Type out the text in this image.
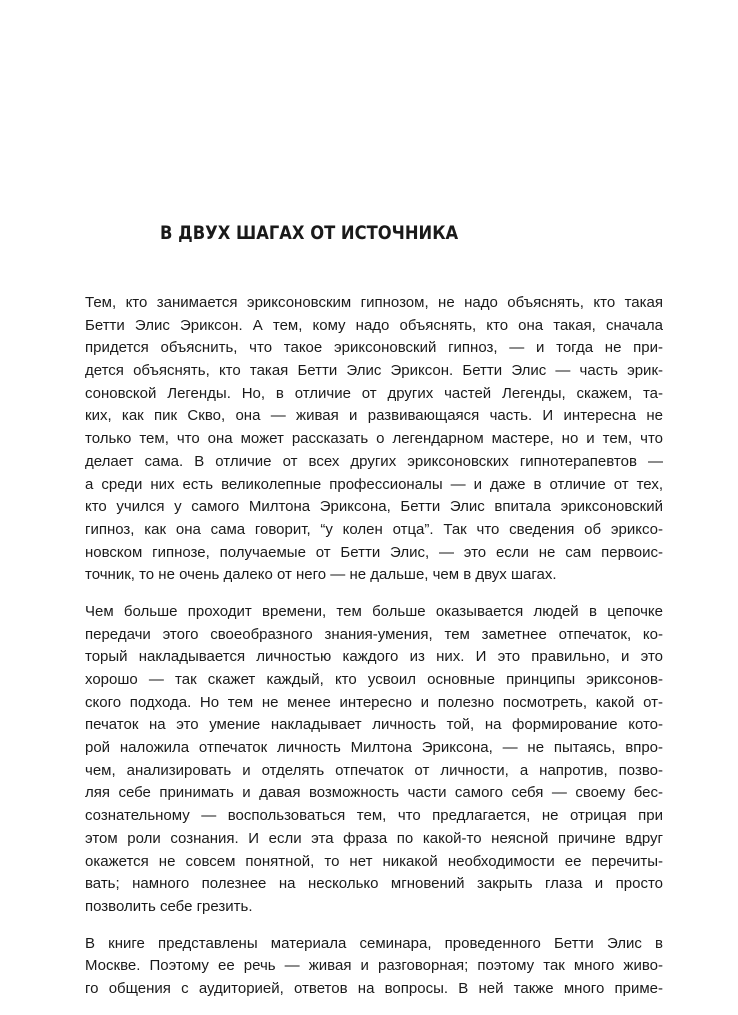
В ДВУХ ШАГАХ ОТ ИСТОЧНИКА

Тем, кто занимается эриксоновским гипнозом, не надо объяснять, кто такая
Бетти Элис Эриксон. А тем, кому надо объяснять, кто она такая, сначала
придется объяснить, что такое эриксоновский гипноз, — и тогда не при-
дется объяснять, кто такая Бетти Элис Эриксон. Бетти Элис — часть эрик-
соновской Легенды. Но, в отличие от других частей Легенды, скажем, та-
ких, как пик Скво, она — живая и развивающаяся часть. И интересна не
только тем, что она может рассказать о легендарном мастере, но и тем, что
делает сама. В отличие от всех других эриксоновских гипнотерапевтов —
а среди них есть великолепные профессионалы — и даже в отличие от тех,
кто учился у самого Милтона Эриксона, Бетти Элис впитала эриксоновский
гипноз, как она сама говорит, “у колен отца”. Так что сведения об эриксо-
новском гипнозе, получаемые от Бетти Элис, — это если не сам первоис-
точник, то не очень далеко от него — не дальше, чем в двух шагах.

Чем больше проходит времени, тем больше оказывается людей в цепочке
передачи этого своеобразного знания-умения, тем заметнее отпечаток, ко-
торый накладывается личностью каждого из них. И это правильно, и это
хорошо — так скажет каждый, кто усвоил основные принципы эриксонов-
ского подхода. Но тем не менее интересно и полезно посмотреть, какой от-
печаток на это умение накладывает личность той, на формирование кото-
рой наложила отпечаток личность Милтона Эриксона, — не пытаясь, впро-
чем, анализировать и отделять отпечаток от личности, а напротив, позво-
ляя себе принимать и давая возможность части самого себя — своему бес-
сознательному — воспользоваться тем, что предлагается, не отрицая при
этом роли сознания. И если эта фраза по какой-то неясной причине вдруг
окажется не совсем понятной, то нет никакой необходимости ее перечиты-
вать; намного полезнее на несколько мгновений закрыть глаза и просто
позволить себе грезить.

В книге представлены материала семинара, проведенного Бетти Элис в
Москве. Поэтому ее речь — живая и разговорная; поэтому так много живо-
го общения с аудиторией, ответов на вопросы. В ней также много приме-
